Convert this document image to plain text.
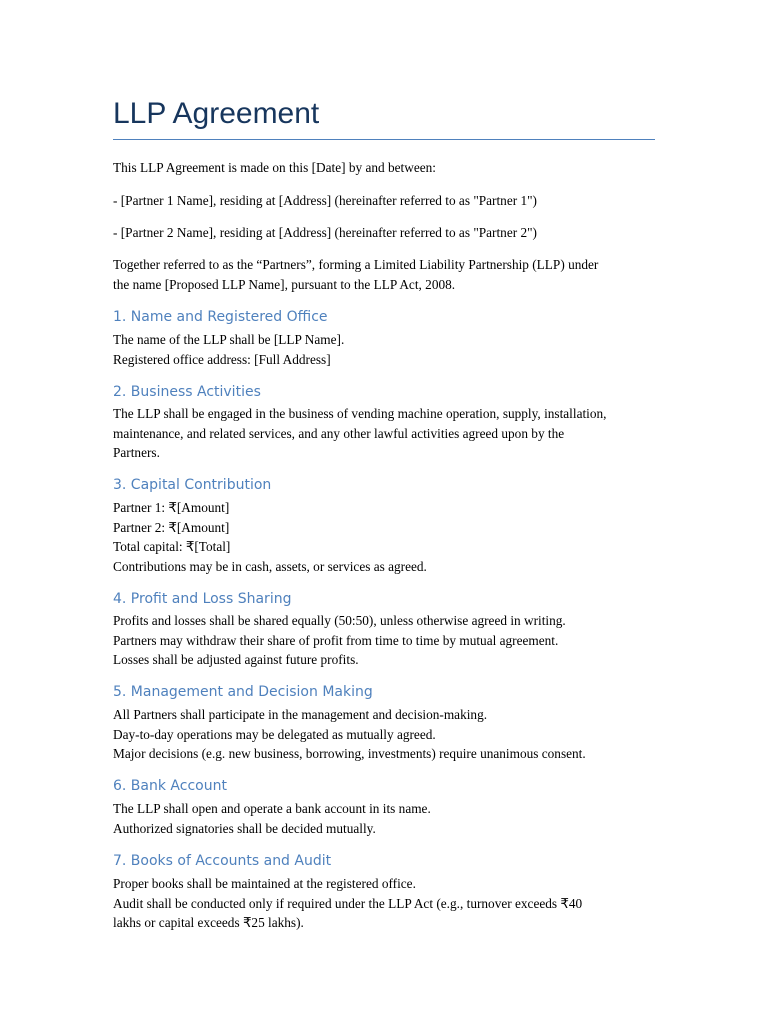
LLP Agreement

This LLP Agreement is made on this [Date] by and between:

- [Partner 1 Name], residing at [Address] (hereinafter referred to as "Partner 1")

- [Partner 2 Name], residing at [Address] (hereinafter referred to as "Partner 2")

Together referred to as the “Partners”, forming a Limited Liability Partnership (LLP) under
the name [Proposed LLP Name], pursuant to the LLP Act, 2008.
1. Name and Registered Office
The name of the LLP shall be [LLP Name].
Registered office address: [Full Address]
2. Business Activities
The LLP shall be engaged in the business of vending machine operation, supply, installation,
maintenance, and related services, and any other lawful activities agreed upon by the
Partners.
3. Capital Contribution
Partner 1: ₹[Amount]
Partner 2: ₹[Amount]
Total capital: ₹[Total]
Contributions may be in cash, assets, or services as agreed.
4. Profit and Loss Sharing
Profits and losses shall be shared equally (50:50), unless otherwise agreed in writing.
Partners may withdraw their share of profit from time to time by mutual agreement.
Losses shall be adjusted against future profits.
5. Management and Decision Making
All Partners shall participate in the management and decision-making.
Day-to-day operations may be delegated as mutually agreed.
Major decisions (e.g. new business, borrowing, investments) require unanimous consent.
6. Bank Account
The LLP shall open and operate a bank account in its name.
Authorized signatories shall be decided mutually.
7. Books of Accounts and Audit
Proper books shall be maintained at the registered office.
Audit shall be conducted only if required under the LLP Act (e.g., turnover exceeds ₹40
lakhs or capital exceeds ₹25 lakhs).
